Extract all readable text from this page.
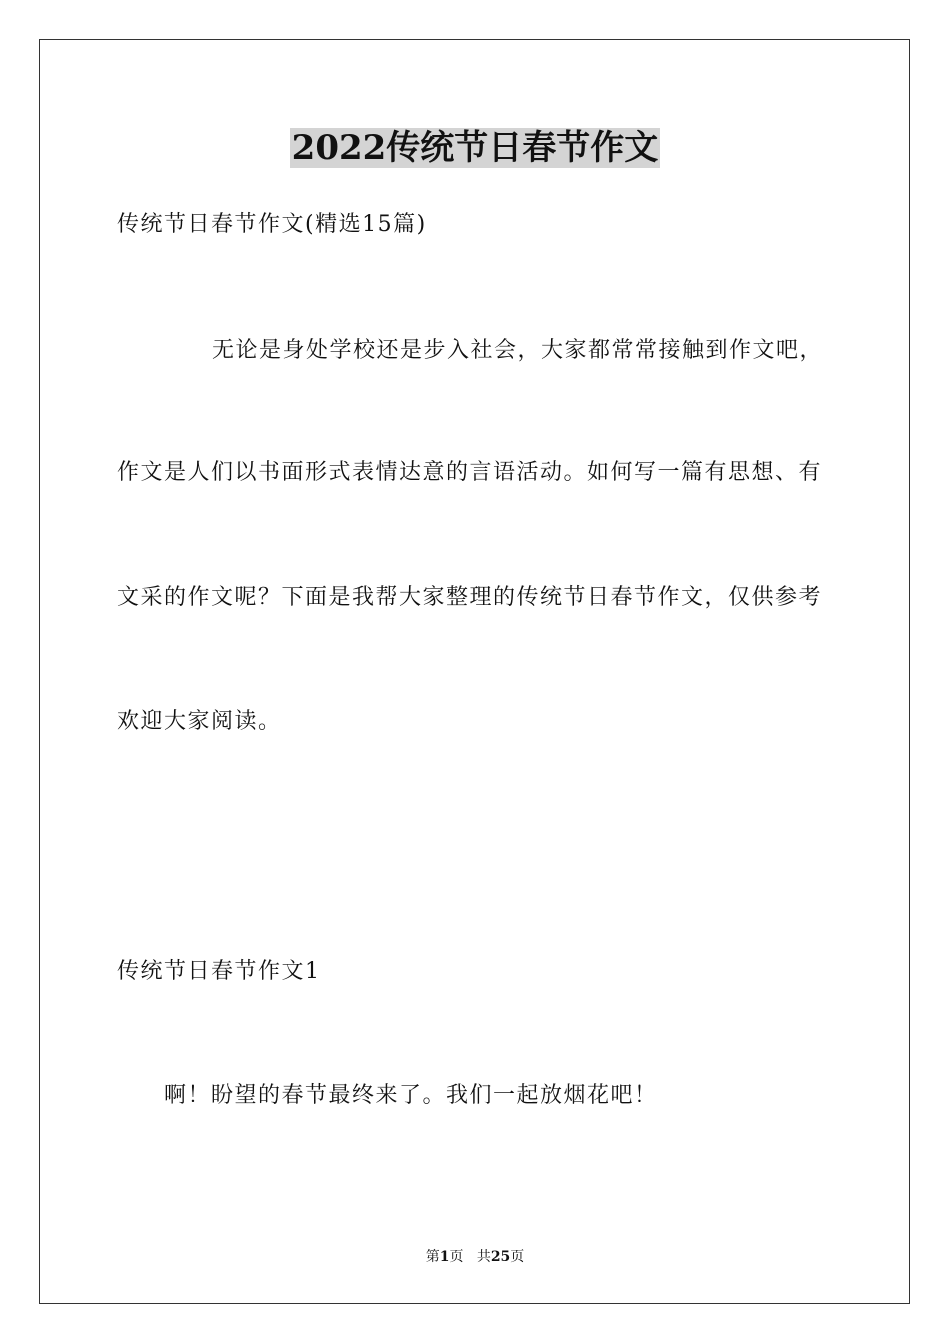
2022传统节日春节作文
传统节日春节作文(精选15篇)
无论是身处学校还是步入社会，大家都常常接触到作文吧，
作文是人们以书面形式表情达意的言语活动。如何写一篇有思想、有
文采的作文呢？下面是我帮大家整理的传统节日春节作文，仅供参考
欢迎大家阅读。
传统节日春节作文1
啊！盼望的春节最终来了。我们一起放烟花吧！
第1页 共25页
